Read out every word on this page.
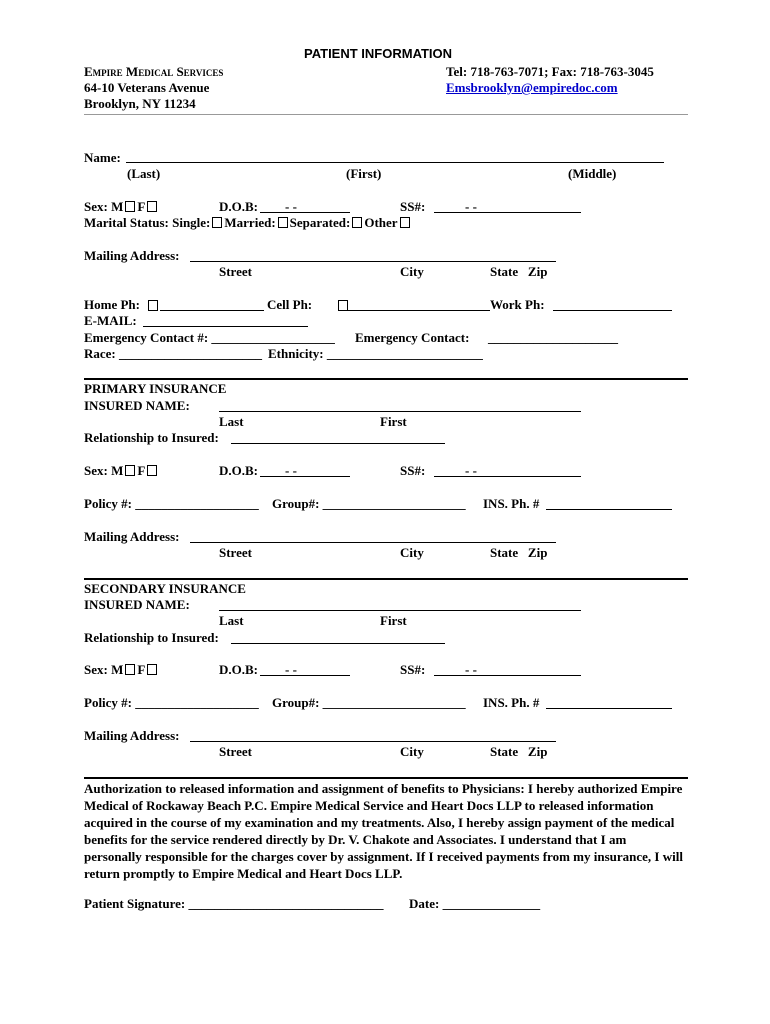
PATIENT INFORMATION
Empire Medical Services
64-10 Veterans Avenue
Brooklyn, NY 11234
Tel: 718-763-7071; Fax: 718-763-3045
Emsbrooklyn@empiredoc.com
Name:
(Last)	(First)	(Middle)
Sex: M F	D.O.B: - -	SS#:	- -
Marital Status: Single: Married: Separated: Other
Mailing Address:
Street	City	State   Zip
Home Ph:	Cell Ph:	Work Ph:
E-MAIL:
Emergency Contact #: ___________________ Emergency Contact: ____________________
Race: ______________________ Ethnicity: ________________________
PRIMARY INSURANCE
INSURED NAME:
Last	First
Relationship to Insured:
Sex: M F	D.O.B: - -	SS#:	- -
Policy #: ___________________ Group#: ______________________ INS. Ph. #
Mailing Address:
Street	City	State   Zip
SECONDARY INSURANCE
INSURED NAME:
Last	First
Relationship to Insured:
Sex: M F	D.O.B: - -	SS#:	- -
Policy #: ___________________ Group#: ______________________ INS. Ph. #
Mailing Address:
Street	City	State   Zip
Authorization to released information and assignment of benefits to Physicians: I hereby authorized Empire Medical of Rockaway Beach P.C. Empire Medical Service and Heart Docs LLP to released information acquired in the course of my examination and my treatments. Also, I hereby assign payment of the medical benefits for the service rendered directly by Dr. V. Chakote and Associates. I understand that I am personally responsible for the charges cover by assignment. If I received payments from my insurance, I will return promptly to Empire Medical and Heart Docs LLP.
Patient Signature: ______________________________ Date: _______________
